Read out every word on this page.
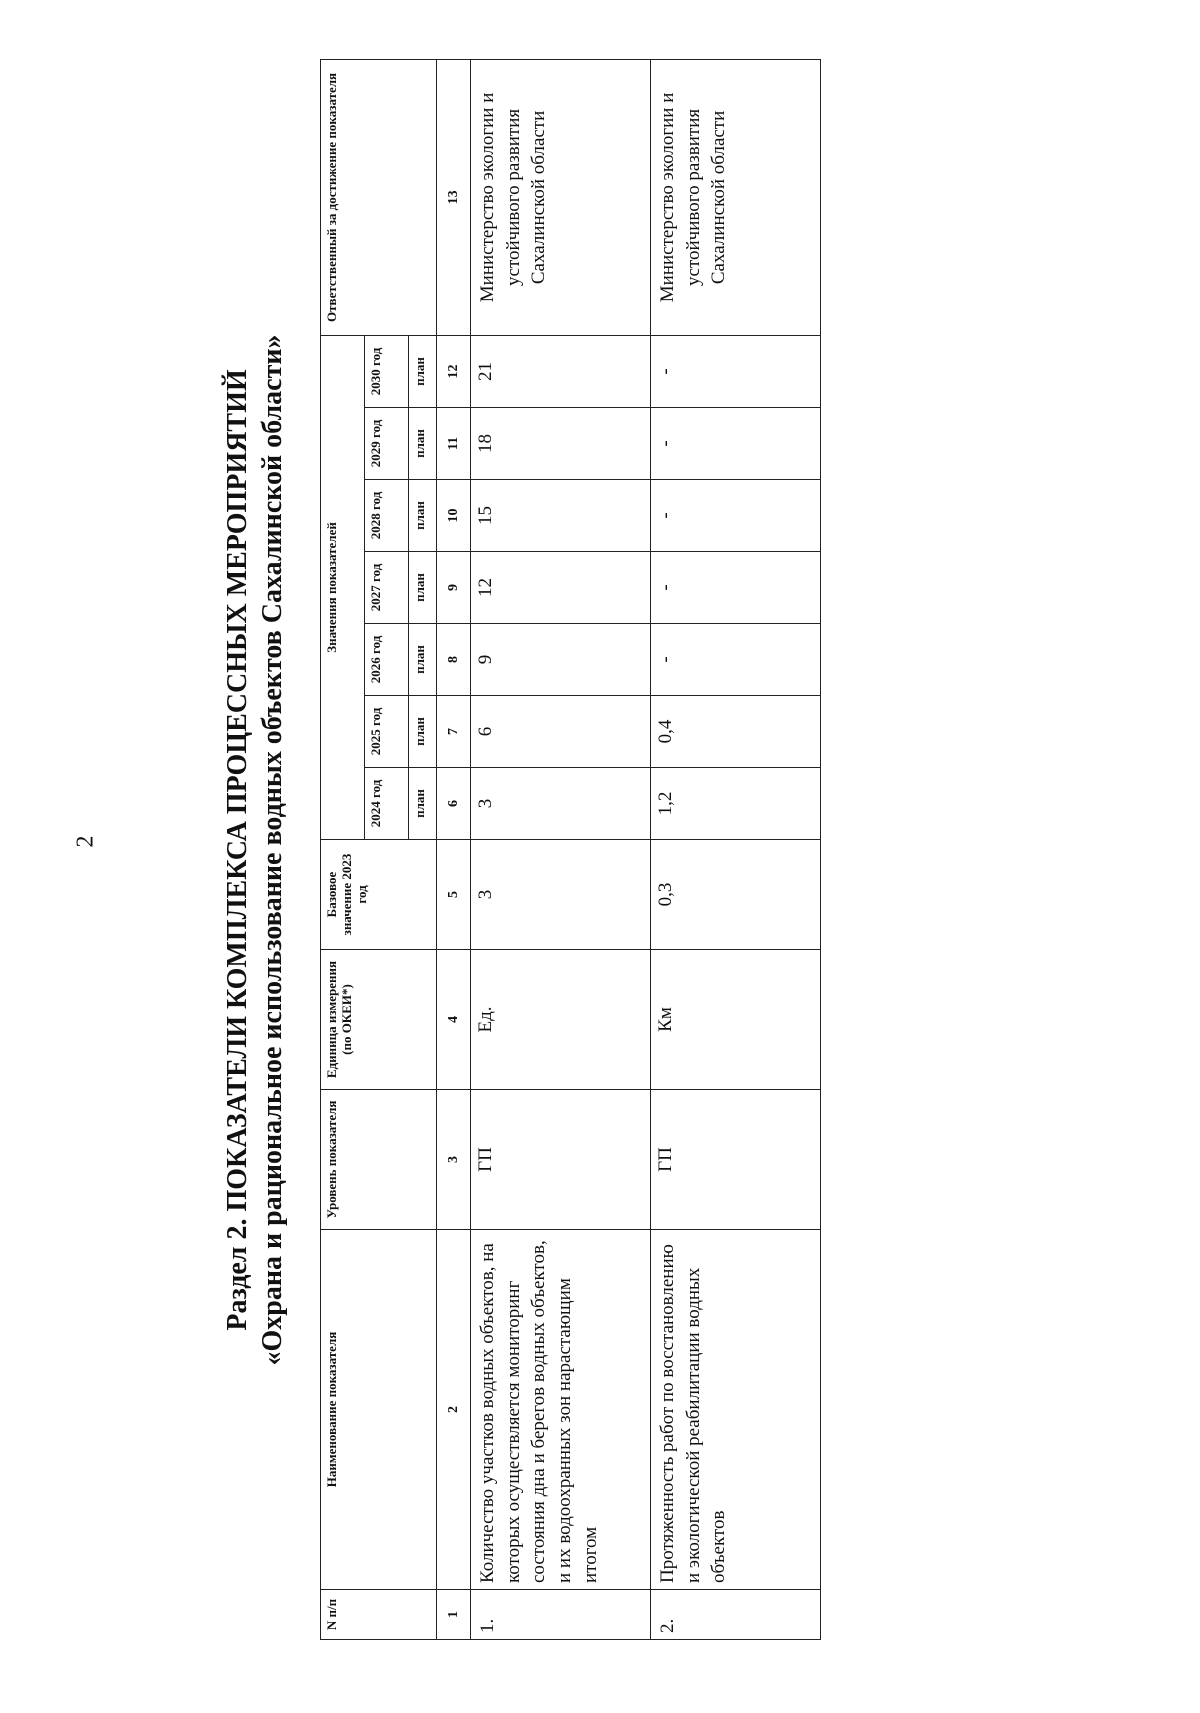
2	Раздел 2. ПОКАЗАТЕЛИ КОМПЛЕКСА ПРОЦЕССНЫХ МЕРОПРИЯТИЙ «Охрана и рациональное использование водных объектов Сахалинской области»
N п/п	Наименование показателя	Уровень показателя	Единица измерения (по ОКЕИ*)	Базовое значение 2023 год	Значения показателей							Ответственный за достижение показателя
					2024 год	2025 год	2026 год	2027 год	2028 год	2029 год	2030 год	
					план	план	план	план	план	план	план	
1	2	3	4	5	6	7	8	9	10	11	12	13
1.	Количество участков водных объектов, на которых осуществляется мониторинг состояния дна и берегов водных объектов, и их водоохранных зон нарастающим итогом	ГП	Ед.	3	3	6	9	12	15	18	21	Министерство экологии и устойчивого развития Сахалинской области
2.	Протяженность работ по восстановлению и экологической реабилитации водных объектов	ГП	Км	0,3	1,2	0,4	-	-	-	-	-	Министерство экологии и устойчивого развития Сахалинской области
